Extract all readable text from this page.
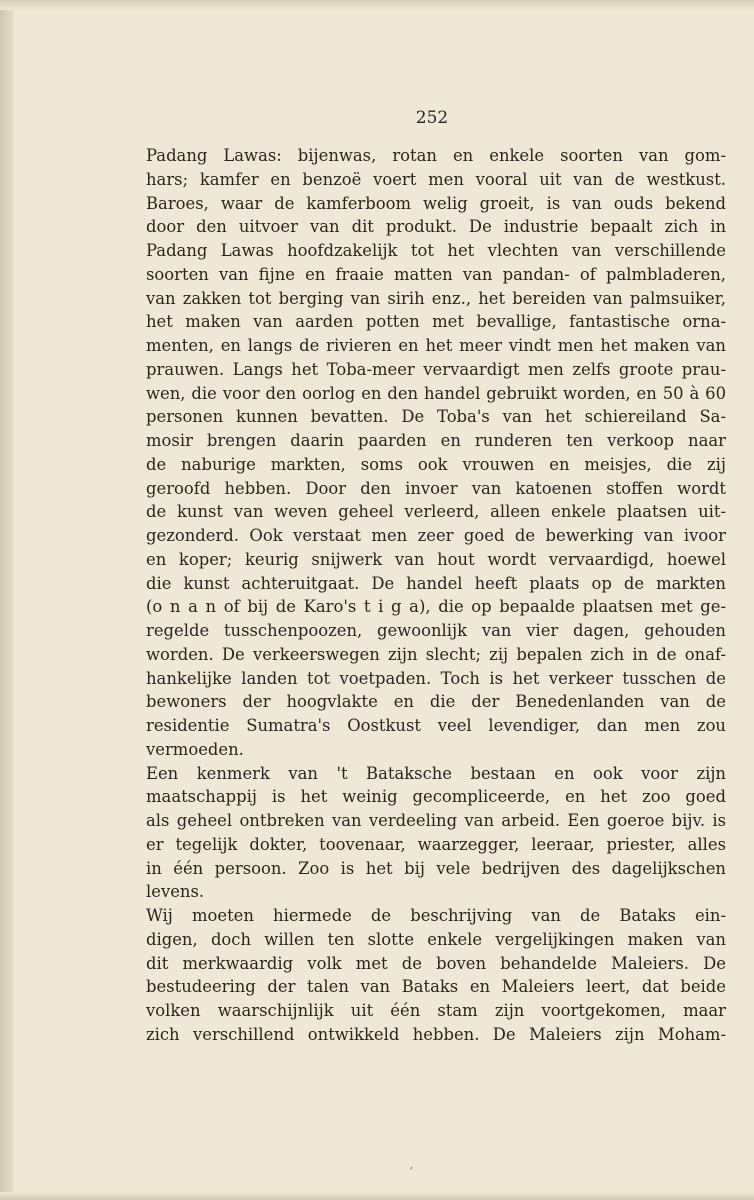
252
Padang Lawas: bijenwas, rotan en enkele soorten van gom-
hars; kamfer en benzoë voert men vooral uit van de westkust.
Baroes, waar de kamferboom welig groeit, is van ouds bekend
door den uitvoer van dit produkt. De industrie bepaalt zich in
Padang Lawas hoofdzakelijk tot het vlechten van verschillende
soorten van fijne en fraaie matten van pandan- of palmbladeren,
van zakken tot berging van sirih enz., het bereiden van palmsuiker,
het maken van aarden potten met bevallige, fantastische orna-
menten, en langs de rivieren en het meer vindt men het maken van
prauwen. Langs het Toba-meer vervaardigt men zelfs groote prau-
wen, die voor den oorlog en den handel gebruikt worden, en 50 à 60
personen kunnen bevatten. De Toba's van het schiereiland Sa-
mosir brengen daarin paarden en runderen ten verkoop naar
de naburige markten, soms ook vrouwen en meisjes, die zij
geroofd hebben. Door den invoer van katoenen stoffen wordt
de kunst van weven geheel verleerd, alleen enkele plaatsen uit-
gezonderd. Ook verstaat men zeer goed de bewerking van ivoor
en koper; keurig snijwerk van hout wordt vervaardigd, hoewel
die kunst achteruitgaat. De handel heeft plaats op de markten
(o n a n of bij de Karo's t i g a), die op bepaalde plaatsen met ge-
regelde tusschenpoozen, gewoonlijk van vier dagen, gehouden
worden. De verkeerswegen zijn slecht; zij bepalen zich in de onaf-
hankelijke landen tot voetpaden. Toch is het verkeer tusschen de
bewoners der hoogvlakte en die der Benedenlanden van de
residentie Sumatra's Oostkust veel levendiger, dan men zou
vermoeden.
Een kenmerk van 't Bataksche bestaan en ook voor zijn
maatschappij is het weinig gecompliceerde, en het zoo goed
als geheel ontbreken van verdeeling van arbeid. Een goeroe bijv. is
er tegelijk dokter, toovenaar, waarzegger, leeraar, priester, alles
in één persoon. Zoo is het bij vele bedrijven des dagelijkschen
levens.
Wij moeten hiermede de beschrijving van de Bataks ein-
digen, doch willen ten slotte enkele vergelijkingen maken van
dit merkwaardig volk met de boven behandelde Maleiers. De
bestudeering der talen van Bataks en Maleiers leert, dat beide
volken waarschijnlijk uit één stam zijn voortgekomen, maar
zich verschillend ontwikkeld hebben. De Maleiers zijn Moham-
,
